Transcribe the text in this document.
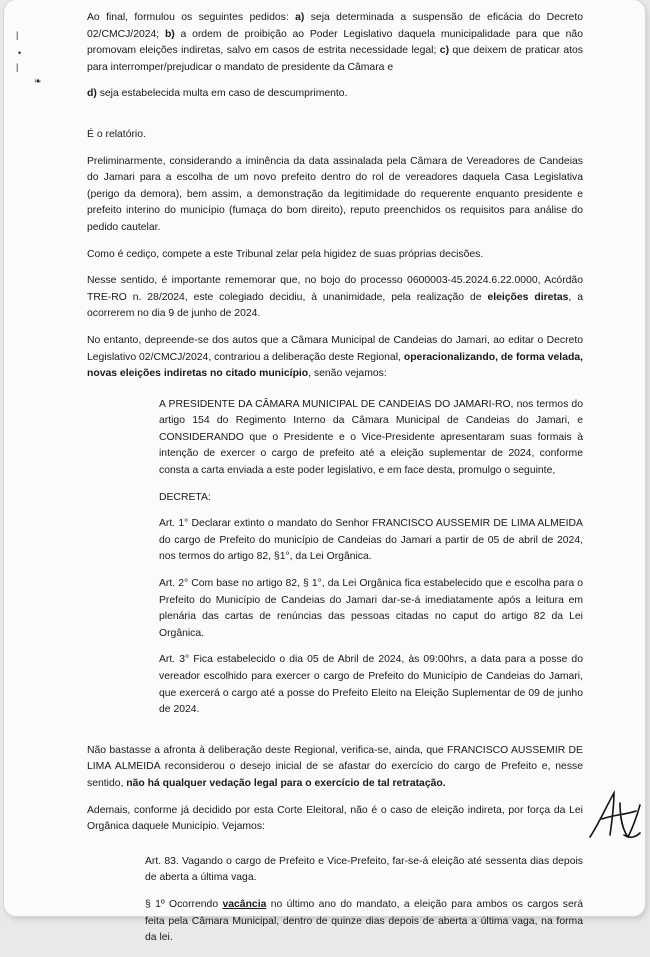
|
•
|
❧

Ao final, formulou os seguintes pedidos: a) seja determinada a suspensão de eficácia do Decreto 02/CMCJ/2024; b) a ordem de proibição ao Poder Legislativo daquela municipalidade para que não promovam eleições indiretas, salvo em casos de estrita necessidade legal; c) que deixem de praticar atos para interromper/prejudicar o mandato de presidente da Câmara e

d) seja estabelecida multa em caso de descumprimento.

É o relatório.

Preliminarmente, considerando a iminência da data assinalada pela Câmara de Vereadores de Candeias do Jamari para a escolha de um novo prefeito dentro do rol de vereadores daquela Casa Legislativa (perigo da demora), bem assim, a demonstração da legitimidade do requerente enquanto presidente e prefeito interino do município (fumaça do bom direito), reputo preenchidos os requisitos para análise do pedido cautelar.

Como é cediço, compete a este Tribunal zelar pela higidez de suas próprias decisões.

Nesse sentido, é importante rememorar que, no bojo do processo 0600003-45.2024.6.22.0000, Acórdão TRE-RO n. 28/2024, este colegiado decidiu, à unanimidade, pela realização de eleições diretas, a ocorrerem no dia 9 de junho de 2024.

No entanto, depreende-se dos autos que a Câmara Municipal de Candeias do Jamari, ao editar o Decreto Legislativo 02/CMCJ/2024, contrariou a deliberação deste Regional, operacionalizando, de forma velada, novas eleições indiretas no citado município, senão vejamos:

A PRESIDENTE DA CÂMARA MUNICIPAL DE CANDEIAS DO JAMARI-RO, nos termos do artigo 154 do Regimento Interno da Câmara Municipal de Candeias do Jamari, e CONSIDERANDO que o Presidente e o Vice-Presidente apresentaram suas formais à intenção de exercer o cargo de prefeito até a eleição suplementar de 2024, conforme consta a carta enviada a este poder legislativo, e em face desta, promulgo o seguinte,

DECRETA:

Art. 1° Declarar extinto o mandato do Senhor FRANCISCO AUSSEMIR DE LIMA ALMEIDA do cargo de Prefeito do município de Candeias do Jamari a partir de 05 de abril de 2024, nos termos do artigo 82, §1°, da Lei Orgânica.

Art. 2° Com base no artigo 82, § 1°, da Lei Orgânica fica estabelecido que e escolha para o Prefeito do Município de Candeias do Jamari dar-se-á imediatamente após a leitura em plenária das cartas de renúncias das pessoas citadas no caput do artigo 82 da Lei Orgânica.

Art. 3° Fica estabelecido o dia 05 de Abril de 2024, às 09:00hrs, a data para a posse do vereador escolhido para exercer o cargo de Prefeito do Município de Candeias do Jamari, que exercerá o cargo até a posse do Prefeito Eleito na Eleição Suplementar de 09 de junho de 2024.

Não bastasse a afronta à deliberação deste Regional, verifica-se, ainda, que FRANCISCO AUSSEMIR DE LIMA ALMEIDA reconsiderou o desejo inicial de se afastar do exercício do cargo de Prefeito e, nesse sentido, não há qualquer vedação legal para o exercício de tal retratação.

Ademais, conforme já decidido por esta Corte Eleitoral, não é o caso de eleição indireta, por força da Lei Orgânica daquele Município. Vejamos:

Art. 83. Vagando o cargo de Prefeito e Vice-Prefeito, far-se-á eleição até sessenta dias depois de aberta a última vaga.

§ 1º Ocorrendo vacância no último ano do mandato, a eleição para ambos os cargos será feita pela Câmara Municipal, dentro de quinze dias depois de aberta a última vaga, na forma da lei.
